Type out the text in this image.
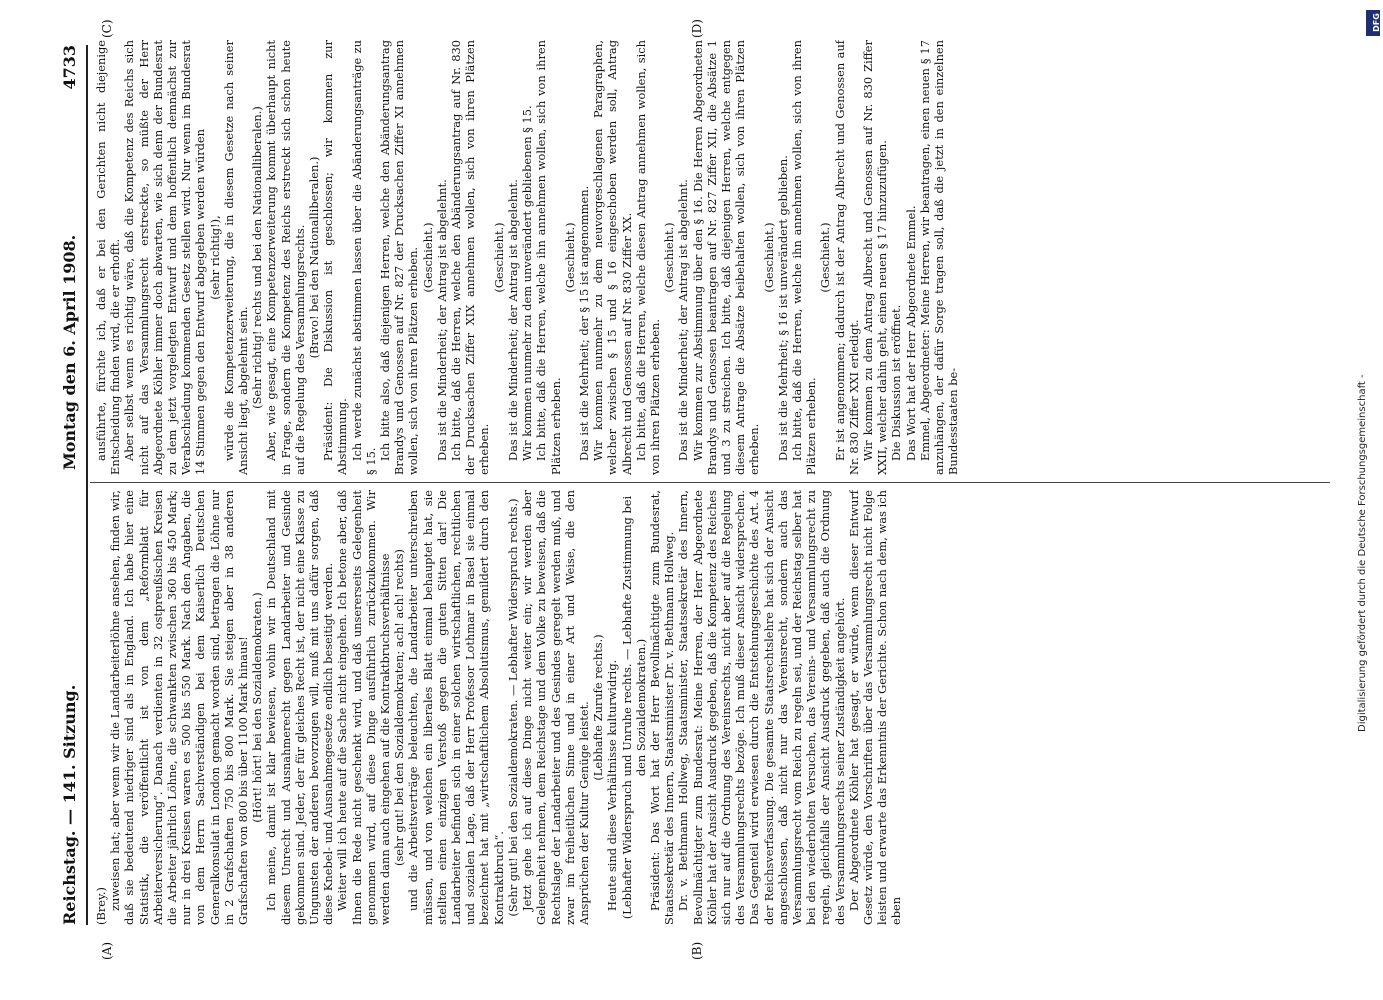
Reichstag. — 141. Sitzung.
Montag den 6. April 1908.
4733
(A)	(B)
(C)	(D)

(Brey.) zuweisen hat; aber wenn wir die Landarbeiterlöhne ansehen, finden wir, daß sie bedeutend niedriger sind als in England. Ich habe hier eine Statistik, die veröffentlicht ist von dem „Reformblatt für Arbeiterversicherung“. Danach verdienten in 32 ostpreußischen Kreisen die Arbeiter jährlich Löhne, die schwankten zwischen 360 bis 450 Mark; nur in drei Kreisen waren es 500 bis 550 Mark. Nach den Angaben, die von dem Herrn Sachverständigen bei dem Kaiserlich Deutschen Generalkonsulat in London gemacht worden sind, betragen die Löhne nur in 2 Grafschaften 750 bis 800 Mark. Sie steigen aber in 38 anderen Grafschaften von 800 bis über 1100 Mark hinaus! (Hört! hört! bei den Sozialdemokraten.) Ich meine, damit ist klar bewiesen, wohin wir in Deutschland mit diesem Unrecht und Ausnahmerecht gegen Landarbeiter und Gesinde gekommen sind. Jeder, der für gleiches Recht ist, der nicht eine Klasse zu Ungunsten der anderen bevorzugen will, muß mit uns dafür sorgen, daß diese Knebel- und Ausnahmegesetze endlich beseitigt werden. Weiter will ich heute auf die Sache nicht eingehen. Ich betone aber, daß Ihnen die Rede nicht geschenkt wird, und daß unsererseits Gelegenheit genommen wird, auf diese Dinge ausführlich zurückzukommen. Wir werden dann auch eingehen auf die Kontraktbruchsverhältnisse (sehr gut! bei den Sozialdemokraten; ach! ach! rechts) und die Arbeitsverträge beleuchten, die Landarbeiter unterschreiben müssen, und von welchen ein liberales Blatt einmal behauptet hat, sie stellten einen einzigen Verstoß gegen die guten Sitten dar! Die Landarbeiter befinden sich in einer solchen wirtschaftlichen, rechtlichen und sozialen Lage, daß der Herr Professor Lothmar in Basel sie einmal bezeichnet hat mit „wirtschaftlichem Absolutismus, gemildert durch den Kontraktbruch“. (Sehr gut! bei den Sozialdemokraten. — Lebhafter Widerspruch rechts.) Jetzt gehe ich auf diese Dinge nicht weiter ein; wir werden aber Gelegenheit nehmen, dem Reichstage und dem Volke zu beweisen, daß die Rechtslage der Landarbeiter und des Gesindes geregelt werden muß, und zwar im freiheitlichen Sinne und in einer Art und Weise, die den Ansprüchen der Kultur Genüge leistet. (Lebhafte Zurufe rechts.) Heute sind diese Verhältnisse kulturwidrig. (Lebhafter Widerspruch und Unruhe rechts. — Lebhafte Zustimmung bei den Sozialdemokraten.) Präsident: Das Wort hat der Herr Bevollmächtigte zum Bundesrat, Staatssekretär des Innern, Staatsminister Dr. v. Bethmann Hollweg. Dr. v. Bethmann Hollweg, Staatsminister, Staatssekretär des Innern, Bevollmächtigter zum Bundesrat: Meine Herren, der Herr Abgeordnete Köhler hat der Ansicht Ausdruck gegeben, daß die Kompetenz des Reiches sich nur auf die Ordnung des Vereinsrechts, nicht aber auf die Regelung des Versammlungsrechts bezöge. Ich muß dieser Ansicht widersprechen. Das Gegenteil wird erwiesen durch die Entstehungsgeschichte des Art. 4 der Reichsverfassung. Die gesamte Staatsrechtslehre hat sich der Ansicht angeschlossen, daß nicht nur das Vereinsrecht, sondern auch das Versammlungsrecht vom Reich zu regeln sei, und der Reichstag selber hat bei den wiederholten Versuchen, das Vereins- und Versammlungsrecht zu regeln, gleichfalls der Ansicht Ausdruck gegeben, daß auch die Ordnung des Versammlungsrechts seiner Zuständigkeit angehört. Der Abgeordnete Köhler hat gesagt, er würde, wenn dieser Entwurf Gesetz würde, den Vorschriften über das Versammlungsrecht nicht Folge leisten und erwarte das Erkenntnis der Gerichte. Schon nach dem, was ich eben

ausführte, fürchte ich, daß er bei den Gerichten nicht diejenige Entscheidung finden wird, die er erhofft. Aber selbst wenn es richtig wäre, daß die Kompetenz des Reichs sich nicht auf das Versammlungsrecht erstreckte, so müßte der Herr Abgeordnete Köhler immer doch abwarten, wie sich denn der Bundesrat zu dem jetzt vorgelegten Entwurf und dem hoffentlich demnächst zur Verabschiedung kommenden Gesetz stellen wird. Nur wenn im Bundesrat 14 Stimmen gegen den Entwurf abgegeben werden würden (sehr richtig!), würde die Kompetenzerweiterung, die in diesem Gesetze nach seiner Ansicht liegt, abgelehnt sein. (Sehr richtig! rechts und bei den Nationalliberalen.) Aber, wie gesagt, eine Kompetenzerweiterung kommt überhaupt nicht in Frage, sondern die Kompetenz des Reichs erstreckt sich schon heute auf die Regelung des Versammlungsrechts. (Bravo! bei den Nationalliberalen.) Präsident: Die Diskussion ist geschlossen; wir kommen zur Abstimmung. Ich werde zunächst abstimmen lassen über die Abänderungsanträge zu § 15.

Ich bitte also, daß diejenigen Herren, welche den Abänderungsantrag Brandys und Genossen auf Nr. 827 der Drucksachen Ziffer XI annehmen wollen, sich von ihren Plätzen erheben. (Geschieht.) Das ist die Minderheit; der Antrag ist abgelehnt. Ich bitte, daß die Herren, welche den Abänderungsantrag auf Nr. 830 der Drucksachen Ziffer XIX annehmen wollen, sich von ihren Plätzen erheben.

(Geschieht.) Das ist die Minderheit; der Antrag ist abgelehnt. Wir kommen nunmehr zu dem unverändert gebliebenen § 15. Ich bitte, daß die Herren, welche ihn annehmen wollen, sich von ihren Plätzen erheben.

(Geschieht.) Das ist die Mehrheit; der § 15 ist angenommen. Wir kommen nunmehr zu dem neuvorgeschlagenen Paragraphen, welcher zwischen § 15 und § 16 eingeschoben werden soll, Antrag Albrecht und Genossen auf Nr. 830 Ziffer XX. Ich bitte, daß die Herren, welche diesen Antrag annehmen wollen, sich von ihren Plätzen erheben.

(Geschieht.) Das ist die Minderheit; der Antrag ist abgelehnt. Wir kommen zur Abstimmung über den § 16. Die Herren Abgeordneten Brandys und Genossen beantragen auf Nr. 827 Ziffer XII, die Absätze 1 und 3 zu streichen. Ich bitte, daß diejenigen Herren, welche entgegen diesem Antrage die Absätze beibehalten wollen, sich von ihren Plätzen erheben.

(Geschieht.) Das ist die Mehrheit; § 16 ist unverändert geblieben. Ich bitte, daß die Herren, welche ihn annehmen wollen, sich von ihren Plätzen erheben.

(Geschieht.) Er ist angenommen; dadurch ist der Antrag Albrecht und Genossen auf Nr. 830 Ziffer XXI erledigt. Wir kommen zu dem Antrag Albrecht und Genossen auf Nr. 830 Ziffer XXII, welcher dahin geht, einen neuen § 17 hinzuzufügen. Die Diskussion ist eröffnet. Das Wort hat der Herr Abgeordnete Emmel. Emmel, Abgeordneter: Meine Herren, wir beantragen, einen neuen § 17 anzuhängen, der dafür Sorge tragen soll, daß die jetzt in den einzelnen Bundesstaaten be-	Digitalisierung gefördert durch die Deutsche Forschungsgemeinschaft -
DFG
